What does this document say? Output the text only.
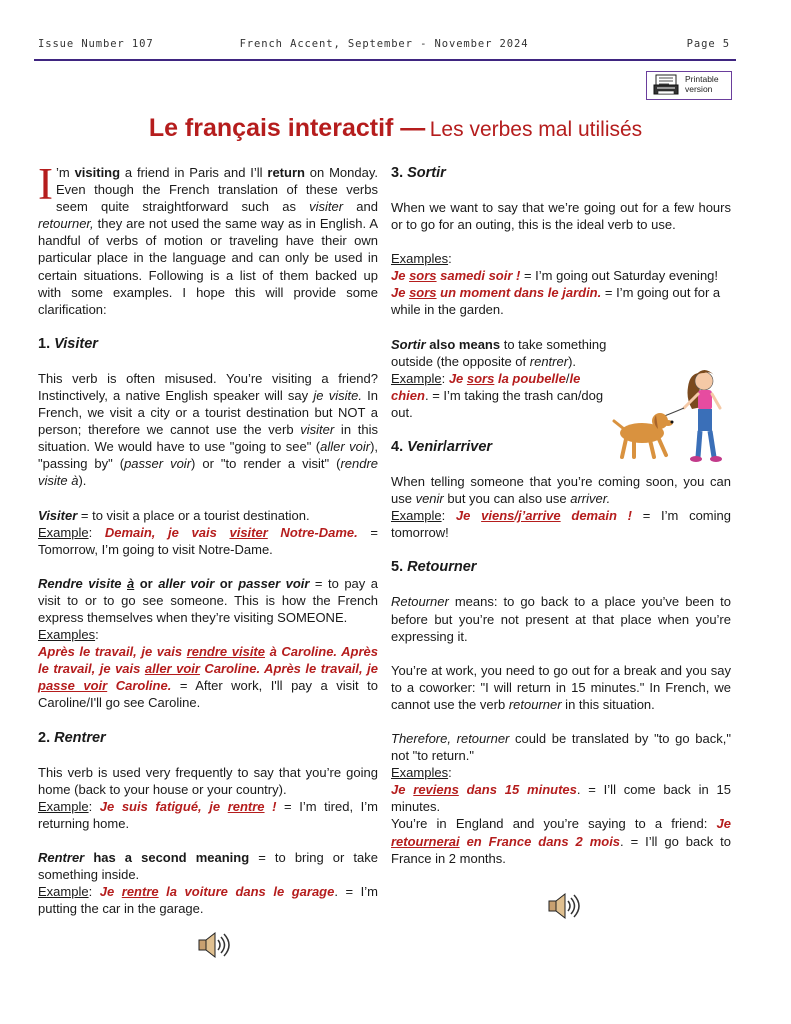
Issue Number 107	French Accent, September - November 2024	Page 5
Printable
version
Le français interactif — Les verbes mal utilisés

I ’m visiting a friend in Paris and I’ll return on Monday. Even though the French translation of these verbs seem quite straightforward such as visiter and retourner, they are not used the same way as in English. A handful of verbs of motion or traveling have their own particular place in the language and can only be used in certain situations. Following is a list of them backed up with some examples. I hope this will provide some clarification:

1. Visiter

This verb is often misused. You’re visiting a friend? Instinctively, a native English speaker will say je visite. In French, we visit a city or a tourist destination but NOT a person; therefore we cannot use the verb visiter in this situation. We would have to use "going to see" (aller voir), "passing by" (passer voir) or "to render a visit" (rendre visite à).

Visiter = to visit a place or a tourist destination.
Example: Demain, je vais visiter Notre-Dame. = Tomorrow, I’m going to visit Notre-Dame.

Rendre visite à or aller voir or passer voir = to pay a visit to or to go see someone. This is how the French express themselves when they’re visiting SOMEONE.
Examples:
Après le travail, je vais rendre visite à Caroline. Après le travail, je vais aller voir Caroline. Après le travail, je passe voir Caroline. = After work, I'll pay a visit to Caroline/I'll go see Caroline.

2. Rentrer

This verb is used very frequently to say that you’re going home (back to your house or your country).
Example: Je suis fatigué, je rentre ! = I’m tired, I’m returning home.

Rentrer has a second meaning = to bring or take something inside.
Example: Je rentre la voiture dans le garage. = I’m putting the car in the garage.

3. Sortir

When we want to say that we’re going out for a few hours or to go for an outing, this is the ideal verb to use.

Examples:
Je sors samedi soir ! = I’m going out Saturday evening!
Je sors un moment dans le jardin. = I’m going out for a while in the garden.

Sortir also means to take something outside (the opposite of rentrer).
Example: Je sors la poubelle/le chien. = I’m taking the trash can/dog out.

4. Venir/arriver

When telling someone that you’re coming soon, you can use venir but you can also use arriver.
Example: Je viens/j’arrive demain ! = I’m coming tomorrow!

5. Retourner

Retourner means: to go back to a place you’ve been to before but you’re not present at that place when you’re expressing it.

You’re at work, you need to go out for a break and you say to a coworker: "I will return in 15 minutes." In French, we cannot use the verb retourner in this situation.

Therefore, retourner could be translated by "to go back," not "to return."
Examples:
Je reviens dans 15 minutes. = I’ll come back in 15 minutes.
You’re in England and you’re saying to a friend: Je retournerai en France dans 2 mois. = I’ll go back to France in 2 months.
